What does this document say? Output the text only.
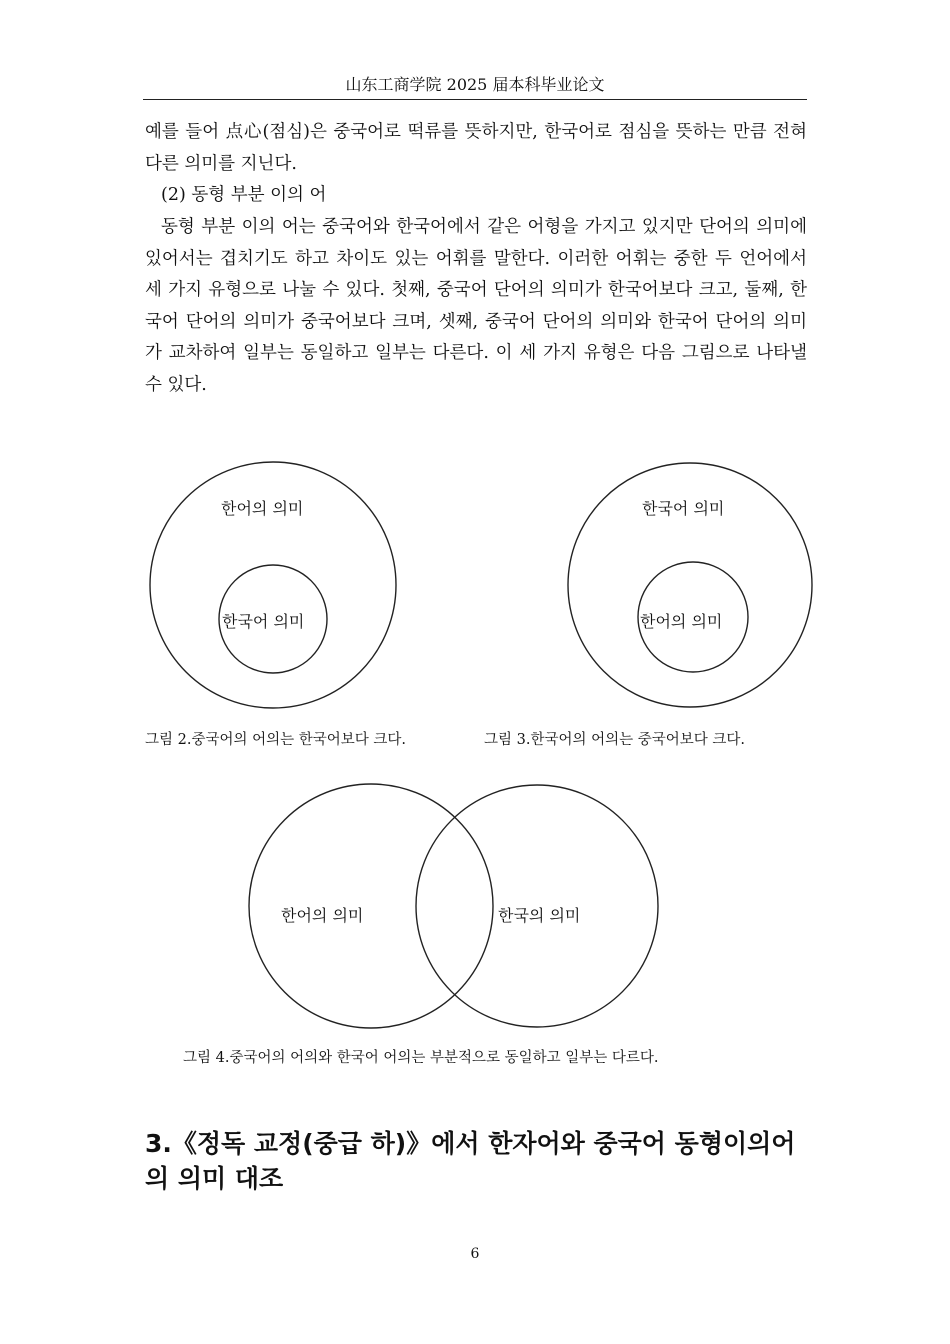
山东工商学院 2025 届本科毕业论文

예를 들어 点心(점심)은 중국어로 떡류를 뜻하지만, 한국어로 점심을 뜻하는 만큼 전혀 다른 의미를 지닌다.

(2) 동형 부분 이의 어

동형 부분 이의 어는 중국어와 한국어에서 같은 어형을 가지고 있지만 단어의 의미에 있어서는 겹치기도 하고 차이도 있는 어휘를 말한다. 이러한 어휘는 중한 두 언어에서 세 가지 유형으로 나눌 수 있다. 첫째, 중국어 단어의 의미가 한국어보다 크고, 둘째, 한국어 단어의 의미가 중국어보다 크며, 셋째, 중국어 단어의 의미와 한국어 단어의 의미가 교차하여 일부는 동일하고 일부는 다른다. 이 세 가지 유형은 다음 그림으로 나타낼 수 있다.

한어의 의미
한국어 의미
한국어 의미
한어의 의미
그림 2.중국어의 어의는 한국어보다 크다.	그림 3.한국어의 어의는 중국어보다 크다.
한어의 의미	한국의 의미
그림 4.중국어의 어의와 한국어 어의는 부분적으로 동일하고 일부는 다르다.
3.《정독 교정(중급 하)》에서 한자어와 중국어 동형이의어의 의미 대조
6
